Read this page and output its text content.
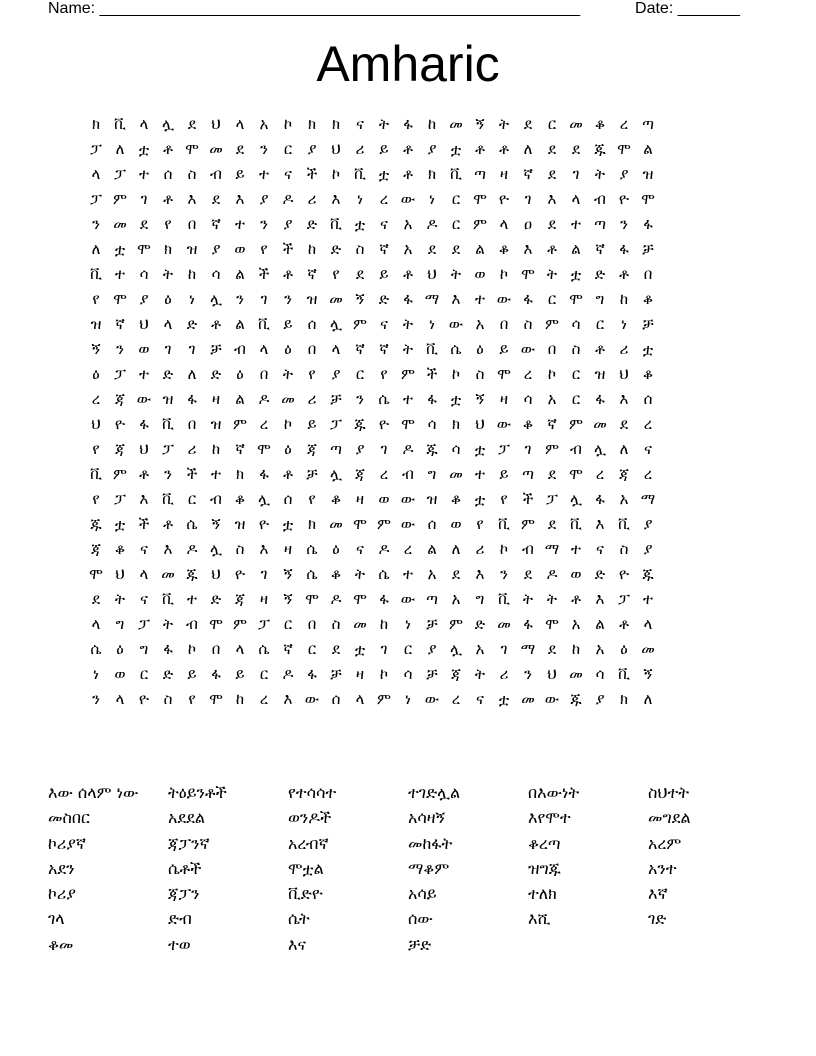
Name: ______________________________________________________	Date: _______
Amharic
ክ ቪ ላ ሏ ደ	ህ ላ	አ	ኮ	ክ	ክ	ና ት ፋ	ከ መ ኝ ት ደ	ር መ ቆ ረ ጣ
ፓ ለ ቷ ቶ ሞ መ ደ	ን	ር	ያ ህ ሪ ይ ቶ ያ ቷ ቶ ቶ ለ	ደ	ደ ጁ ሞ ል
ላ ፓ ተ ሰ	ስ ብ ይ ተ ና ች ኮ ቪ ቷ ቶ	ክ ቪ ጣ ዛ	ኛ	ደ	ገ	ት ያ ዝ
ፓ ም ገ	ቶ እ	ደ	እ	ያ ዶ ሪ	እ	ነ	ረ ው ነ	ር ሞ ዮ	ገ	እ	ላ ብ ዮ ሞ
ን መ ደ	የ	በ ኛ ተ	ን	ያ ድ ቪ ቷ ና	አ ዶ ር ም ላ	ዐ	ደ ተ ጣ ን	ፋ
ለ ቷ ሞ ክ ዝ ያ ወ የ	ች ከ ድ ስ ኛ አ	ደ	ደ	ል ቆ እ ቶ ል ኛ ፋ ቻ
ቪ ተ ሳ ት ከ	ሳ ል ች ቶ ኛ	የ	ደ	ይ ቶ ህ ት ወ ኮ ሞ ት ቷ ድ ቶ በ
የ ሞ ያ	ዕ	ነ	ሏ ን	ገ	ን ዝ መ ኝ ድ ፋ ማ እ ተ ው ፋ	ር ሞ ግ	ከ ቆ
ዝ ኛ ህ ላ ድ ቶ ል ቪ ይ ሰ ሏ ም ና ት	ነ ው አ	በ	ስ ም ሳ	ር	ነ	ቻ
ኝ	ን ወ ገ	ገ ቻ ብ ላ	ዕ	በ	ላ ኛ ኛ ት ቪ ሴ ዕ	ይ ው በ	ስ ቶ ሪ ቷ
ዕ ፓ ተ ድ ለ ድ	ዕ	በ ት	የ	ያ	ር	የ ም ች ኮ	ስ ሞ ረ	ኮ	ር ዝ ህ ቆ
ረ ጃ ው ዝ ፋ	ዛ	ል ዶ መ ሪ ቻ ን ሴ ተ ፋ ቷ ኝ	ዛ	ሳ	አ	ር	ፋ እ	ሰ
ህ ዮ ፋ ቪ በ ዝ ም ረ	ኮ	ይ ፓ ጁ ዮ ሞ ሳ	ክ	ህ ው ቆ ኛ ም መ ደ	ረ
የ	ጃ ህ ፓ ሪ	ከ	ኛ ሞ ዕ	ጃ ጣ ያ	ገ	ዶ ጁ ሳ ቷ ፓ ገ ም ብ ሏ ለ	ና
ቪ ም ቶ	ን ች ተ ክ	ፋ ቶ ቻ ሏ ጃ ረ ብ ግ መ ተ ይ ጣ ደ ሞ ረ ጃ ረ
የ ፓ እ ቪ ር ብ ቆ ሏ ሰ	የ	ቆ ዛ ወ ው ዝ ቆ ቷ	የ	ች ፓ ሏ ፋ አ ማ
ጁ ቷ ች ቶ ሴ ኝ ዝ ዮ ቷ ክ መ ሞ ም ው ሰ ወ የ ቪ ም ደ ቪ እ ቪ ያ
ጃ ቆ ና	እ ዶ ሏ ስ	እ	ዛ ሴ ዕ	ና ዶ ረ	ል ለ	ሪ	ኮ ብ ማ ተ ና	ስ	ያ
ሞ ህ ላ መ ጁ ህ ዮ	ገ	ኝ ሴ ቆ ት ሴ ተ አ	ደ	እ	ን	ደ ዶ ወ ድ ዮ ጁ
ደ ት ና ቪ ተ ድ ጃ ዛ	ኝ ሞ ዶ ሞ ፋ ው ጣ አ	ግ ቪ ት ት ቶ እ ፓ ተ
ላ	ግ ፓ ት ብ ሞ ም ፓ ር	በ	ስ መ ከ	ነ	ቻ ም ድ መ ፋ ሞ አ ል ቶ ላ
ሴ ዕ	ግ ፋ	ኮ	በ	ላ ሴ ኛ	ር	ደ ቷ	ገ	ር	ያ ሏ አ	ገ ማ ደ	ከ	አ	ዕ መ
ነ	ወ ር ድ ይ ፋ ይ	ር ዶ ፋ ቻ ዛ	ኮ	ሳ ቻ ጃ ት ሪ	ን	ህ መ ሳ ቪ ኝ
ን	ላ ዮ ስ	የ ሞ ከ	ረ	እ ው ሰ	ላ ም ነ ው ረ	ና ቷ መ ው ጁ ያ	ክ	ለ
እው ሰላም ነው	ትዕይንቶች	የተሳሳተ	ተገድሏል	በእውነት	ስህተት
መስበር	አደደል	ወንዶች	አሳዛኝ	እየሞተ	መግደል
ኮሪያኛ	ጃፓንኛ	አረብኛ	መከፋት	ቆረጣ	አረም
አደን	ሴቶች	ሞቷል	ማቆም	ዝግጁ	አንተ
ኮሪያ	ጃፓን	ቪድዮ	አሳይ	ተለክ	እኛ
ገላ	ድብ	ሴት	ሰው	እሺ	ገድ
ቆመ	ተወ	እና	ቻድ
